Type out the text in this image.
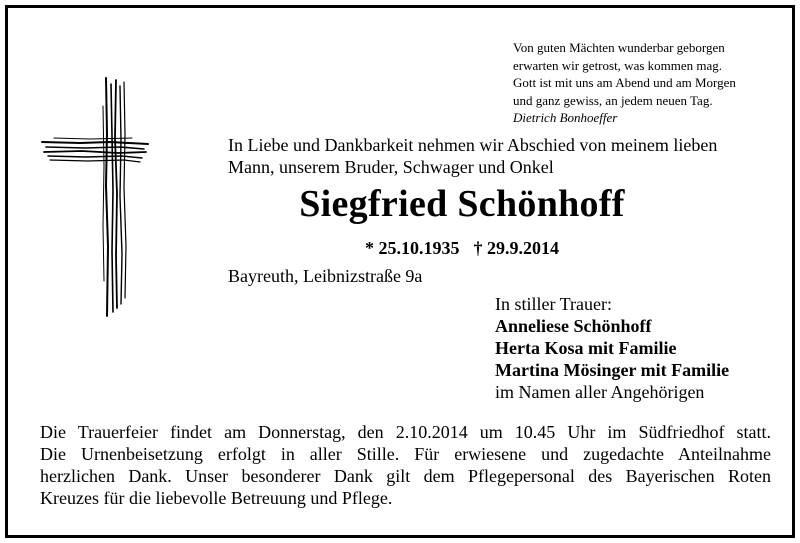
Von guten Mächten wunderbar geborgen
erwarten wir getrost, was kommen mag.
Gott ist mit uns am Abend und am Morgen
und ganz gewiss, an jedem neuen Tag.
Dietrich Bonhoeffer
In Liebe und Dankbarkeit nehmen wir Abschied von meinem lieben
Mann, unserem Bruder, Schwager und Onkel
Siegfried Schönhoff
* 25.10.1935 † 29.9.2014
Bayreuth, Leibnizstraße 9a
In stiller Trauer:
Anneliese Schönhoff
Herta Kosa mit Familie
Martina Mösinger mit Familie
im Namen aller Angehörigen
Die Trauerfeier findet am Donnerstag, den 2.10.2014 um 10.45 Uhr im Südfriedhof statt.
Die Urnenbeisetzung erfolgt in aller Stille. Für erwiesene und zugedachte Anteilnahme
herzlichen Dank. Unser besonderer Dank gilt dem Pflegepersonal des Bayerischen Roten
Kreuzes für die liebevolle Betreuung und Pflege.
